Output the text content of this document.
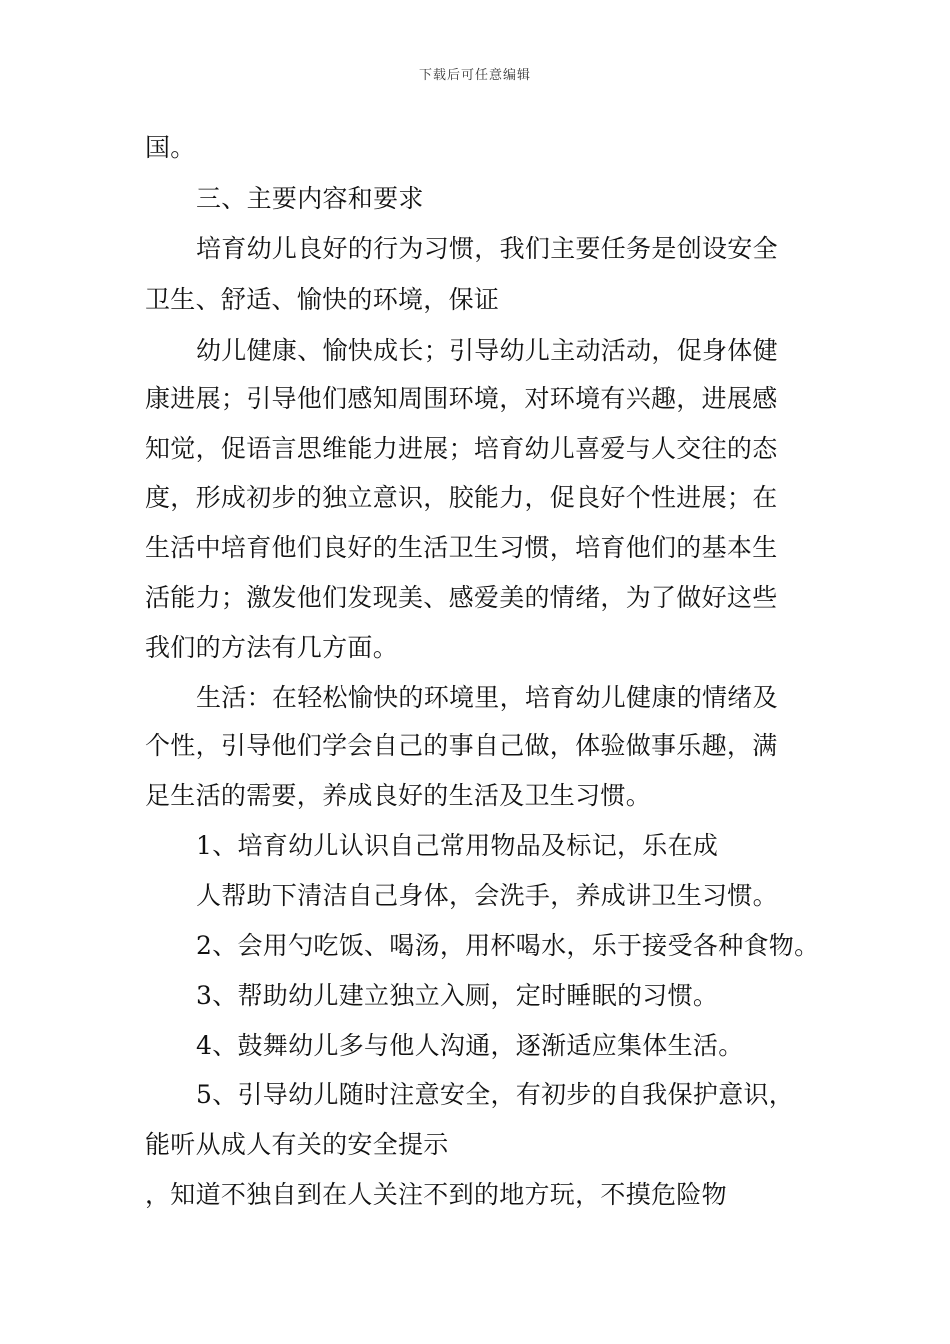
下载后可任意编辑
国。
三、主要内容和要求
培育幼儿良好的行为习惯，我们主要任务是创设安全
卫生、舒适、愉快的环境，保证
幼儿健康、愉快成长；引导幼儿主动活动，促身体健
康进展；引导他们感知周围环境，对环境有兴趣，进展感
知觉，促语言思维能力进展；培育幼儿喜爱与人交往的态
度，形成初步的独立意识，胶能力，促良好个性进展；在
生活中培育他们良好的生活卫生习惯，培育他们的基本生
活能力；激发他们发现美、感爱美的情绪，为了做好这些
我们的方法有几方面。
生活：在轻松愉快的环境里，培育幼儿健康的情绪及
个性，引导他们学会自己的事自己做，体验做事乐趣，满
足生活的需要，养成良好的生活及卫生习惯。
1、培育幼儿认识自己常用物品及标记，乐在成
人帮助下清洁自己身体，会洗手，养成讲卫生习惯。
2、会用勺吃饭、喝汤，用杯喝水，乐于接受各种食物。
3、帮助幼儿建立独立入厕，定时睡眠的习惯。
4、鼓舞幼儿多与他人沟通，逐渐适应集体生活。
5、引导幼儿随时注意安全，有初步的自我保护意识，
能听从成人有关的安全提示
，知道不独自到在人关注不到的地方玩，不摸危险物
